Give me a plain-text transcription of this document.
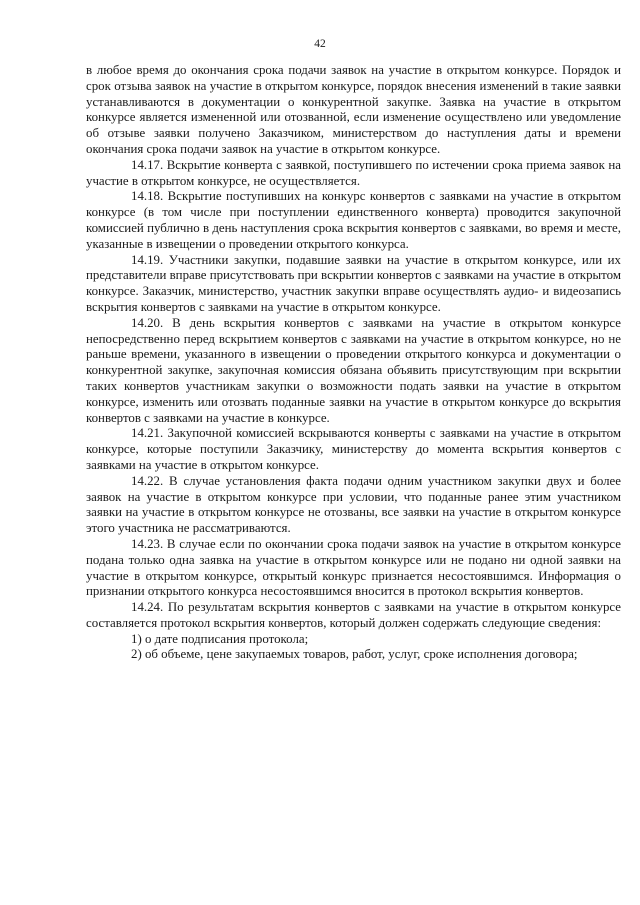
42

в любое время до окончания срока подачи заявок на участие в открытом конкурсе. Порядок и срок отзыва заявок на участие в открытом конкурсе, порядок внесения изменений в такие заявки устанавливаются в документации о конкурентной закупке. Заявка на участие в открытом конкурсе является измененной или отозванной, если изменение осуществлено или уведомление об отзыве заявки получено Заказчиком, министерством до наступления даты и времени окончания срока подачи заявок на участие в открытом конкурсе.

14.17. Вскрытие конверта с заявкой, поступившего по истечении срока приема заявок на участие в открытом конкурсе, не осуществляется.

14.18. Вскрытие поступивших на конкурс конвертов с заявками на участие в открытом конкурсе (в том числе при поступлении единственного конверта) проводится закупочной комиссией публично в день наступления срока вскрытия конвертов с заявками, во время и месте, указанные в извещении о проведении открытого конкурса.

14.19. Участники закупки, подавшие заявки на участие в открытом конкурсе, или их представители вправе присутствовать при вскрытии конвертов с заявками на участие в открытом конкурсе. Заказчик, министерство, участник закупки вправе осуществлять аудио- и видеозапись вскрытия конвертов с заявками на участие в открытом конкурсе.

14.20. В день вскрытия конвертов с заявками на участие в открытом конкурсе непосредственно перед вскрытием конвертов с заявками на участие в открытом конкурсе, но не раньше времени, указанного в извещении о проведении открытого конкурса и документации о конкурентной закупке, закупочная комиссия обязана объявить присутствующим при вскрытии таких конвертов участникам закупки о возможности подать заявки на участие в открытом конкурсе, изменить или отозвать поданные заявки на участие в открытом конкурсе до вскрытия конвертов с заявками на участие в конкурсе.

14.21. Закупочной комиссией вскрываются конверты с заявками на участие в открытом конкурсе, которые поступили Заказчику, министерству до момента вскрытия конвертов с заявками на участие в открытом конкурсе.

14.22. В случае установления факта подачи одним участником закупки двух и более заявок на участие в открытом конкурсе при условии, что поданные ранее этим участником заявки на участие в открытом конкурсе не отозваны, все заявки на участие в открытом конкурсе этого участника не рассматриваются.

14.23. В случае если по окончании срока подачи заявок на участие в открытом конкурсе подана только одна заявка на участие в открытом конкурсе или не подано ни одной заявки на участие в открытом конкурсе, открытый конкурс признается несостоявшимся. Информация о признании открытого конкурса несостоявшимся вносится в протокол вскрытия конвертов.

14.24. По результатам вскрытия конвертов с заявками на участие в открытом конкурсе составляется протокол вскрытия конвертов, который должен содержать следующие сведения:

1) о дате подписания протокола;

2) об объеме, цене закупаемых товаров, работ, услуг, сроке исполнения договора;
